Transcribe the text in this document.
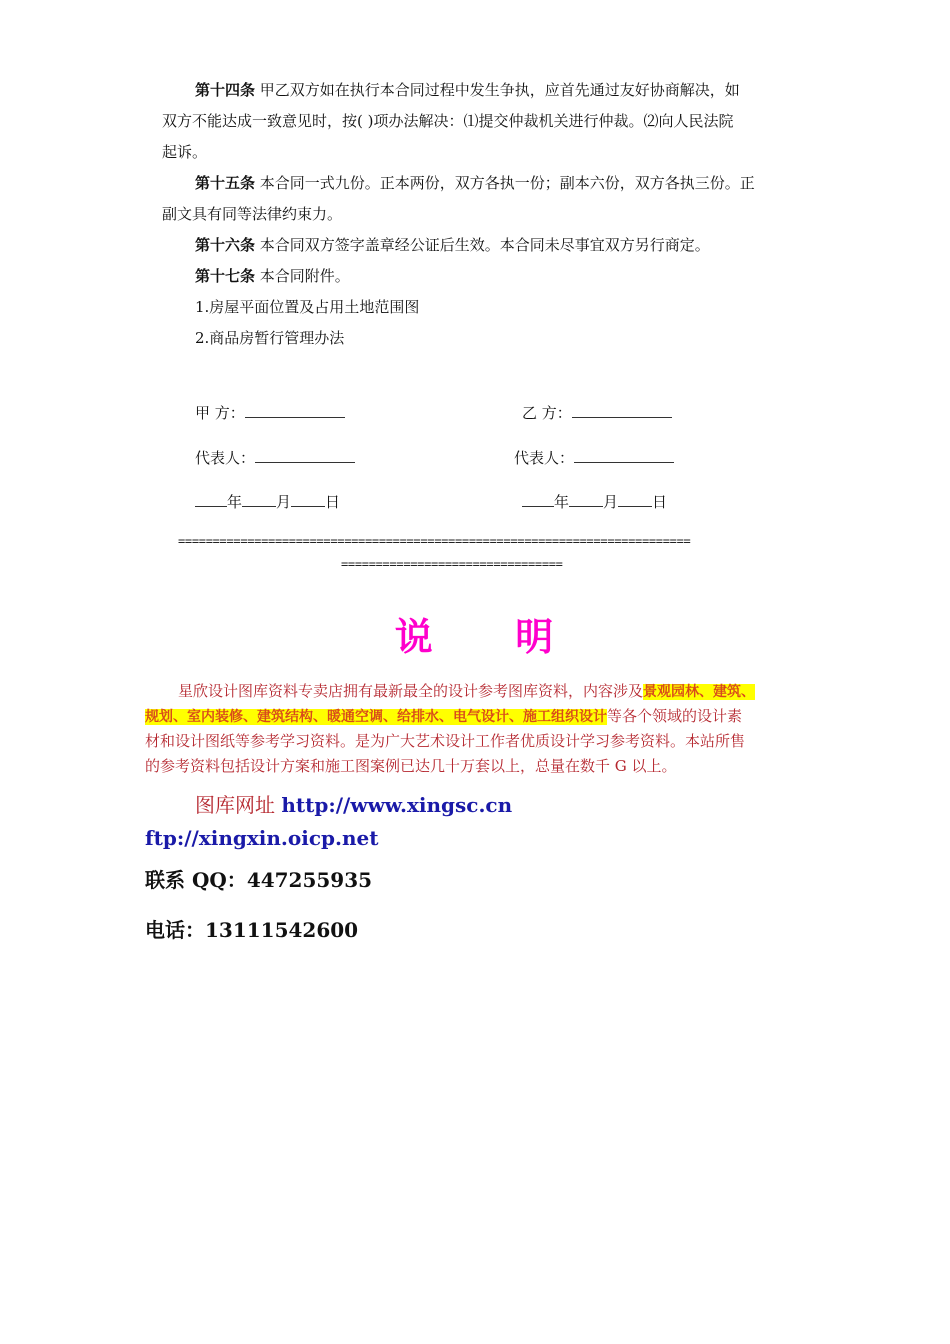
第十四条 甲乙双方如在执行本合同过程中发生争执，应首先通过友好协商解决，如
双方不能达成一致意见时，按( )项办法解决：⑴提交仲裁机关进行仲裁。⑵向人民法院
起诉。
第十五条 本合同一式九份。正本两份，双方各执一份；副本六份，双方各执三份。正
副文具有同等法律约束力。
第十六条 本合同双方签字盖章经公证后生效。本合同未尽事宜双方另行商定。
第十七条 本合同附件。
1.房屋平面位置及占用土地范围图
2.商品房暂行管理办法
甲 方：	乙 方：
代表人：	代表人：
年 月 日	年 月 日
==========================================================================
================================
说 明
星欣设计图库资料专卖店拥有最新最全的设计参考图库资料，内容涉及景观园林、建筑、
规划、室内装修、建筑结构、暖通空调、给排水、电气设计、施工组织设计等各个领域的设计素
材和设计图纸等参考学习资料。是为广大艺术设计工作者优质设计学习参考资料。本站所售
的参考资料包括设计方案和施工图案例已达几十万套以上，总量在数千 G 以上。
图库网址 http://www.xingsc.cn
ftp://xingxin.oicp.net
联系 QQ：447255935
电话：13111542600
